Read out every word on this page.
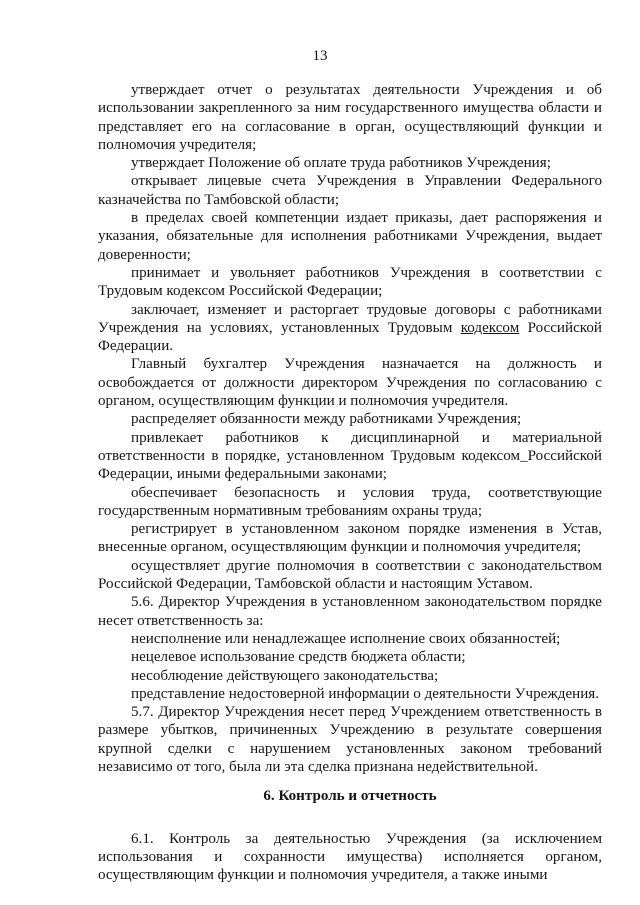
13

утверждает отчет о результатах деятельности Учреждения и об использовании закрепленного за ним государственного имущества области и представляет его на согласование в орган, осуществляющий функции и полномочия учредителя;

утверждает Положение об оплате труда работников Учреждения;

открывает лицевые счета Учреждения в Управлении Федерального казначейства по Тамбовской области;

в пределах своей компетенции издает приказы, дает распоряжения и указания, обязательные для исполнения работниками Учреждения, выдает доверенности;

принимает и увольняет работников Учреждения в соответствии с Трудовым кодексом Российской Федерации;

заключает, изменяет и расторгает трудовые договоры с работниками Учреждения на условиях, установленных Трудовым кодексом Российской Федерации.

Главный бухгалтер Учреждения назначается на должность и освобождается от должности директором Учреждения по согласованию с органом, осуществляющим функции и полномочия учредителя.

распределяет обязанности между работниками Учреждения;

привлекает работников к дисциплинарной и материальной ответственности в порядке, установленном Трудовым кодексом_Российской Федерации, иными федеральными законами;

обеспечивает безопасность и условия труда, соответствующие государственным нормативным требованиям охраны труда;

регистрирует в установленном законом порядке изменения в Устав, внесенные органом, осуществляющим функции и полномочия учредителя;

осуществляет другие полномочия в соответствии с законодательством Российской Федерации, Тамбовской области и настоящим Уставом.

5.6. Директор Учреждения в установленном законодательством порядке несет ответственность за:

неисполнение или ненадлежащее исполнение своих обязанностей;

нецелевое использование средств бюджета области;

несоблюдение действующего законодательства;

представление недостоверной информации о деятельности Учреждения.

5.7. Директор Учреждения несет перед Учреждением ответственность в размере убытков, причиненных Учреждению в результате совершения крупной сделки с нарушением установленных законом требований независимо от того, была ли эта сделка признана недействительной.

6. Контроль и отчетность

6.1. Контроль за деятельностью Учреждения (за исключением использования и сохранности имущества) исполняется органом, осуществляющим функции и полномочия учредителя, а также иными
